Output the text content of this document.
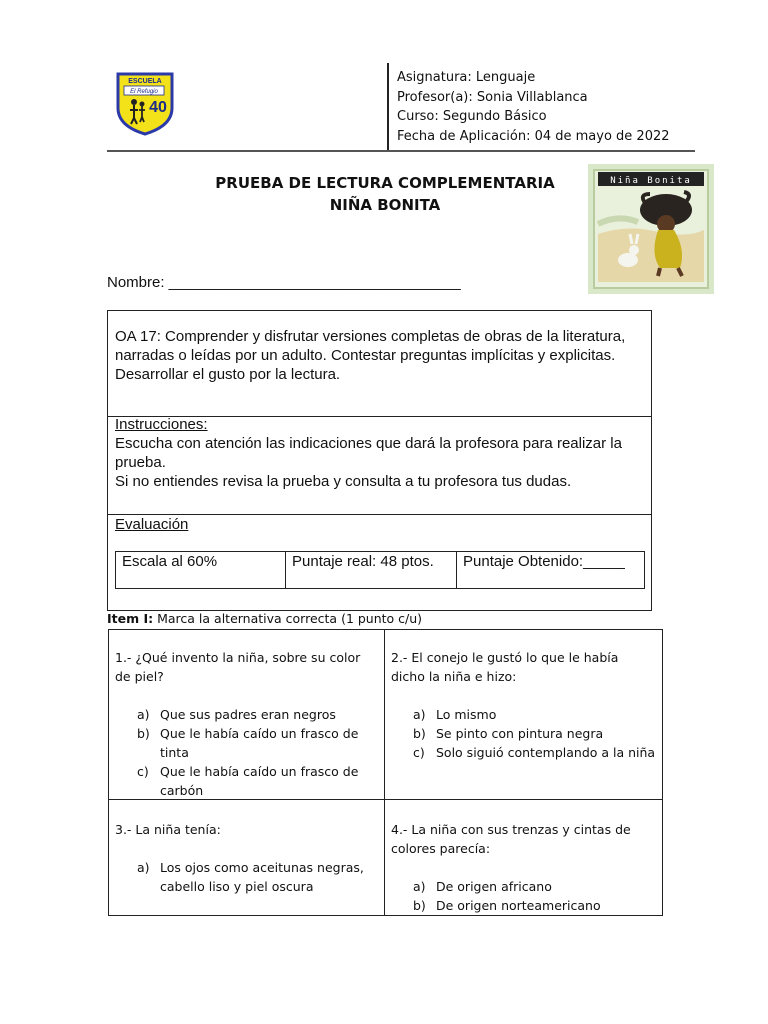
ESCUELA
El Refugio
40
Asignatura: Lenguaje
Profesor(a): Sonia Villablanca
Curso: Segundo Básico
Fecha de Aplicación: 04 de mayo de 2022
PRUEBA DE LECTURA COMPLEMENTARIA
NIÑA BONITA
Niña Bonita
Nombre: ___________________________________
OA 17: Comprender y disfrutar versiones completas de obras de la literatura, narradas o leídas por un adulto. Contestar preguntas implícitas y explicitas. Desarrollar el gusto por la lectura.
Instrucciones:
Escucha con atención las indicaciones que dará la profesora para realizar la prueba.
Si no entiendes revisa la prueba y consulta a tu profesora tus dudas.
Evaluación
Escala al 60%	Puntaje real: 48 ptos.	Puntaje Obtenido:_____
Item I: Marca la alternativa correcta (1 punto c/u)
1.- ¿Qué invento la niña, sobre su color de piel?
a) Que sus padres eran negros
b) Que le había caído un frasco de tinta
c) Que le había caído un frasco de carbón
2.- El conejo le gustó lo que le había dicho la niña e hizo:
a) Lo mismo
b) Se pinto con pintura negra
c) Solo siguió contemplando a la niña
3.- La niña tenía:
a) Los ojos como aceitunas negras, cabello liso y piel oscura
4.- La niña con sus trenzas y cintas de colores parecía:
a) De origen africano
b) De origen norteamericano
